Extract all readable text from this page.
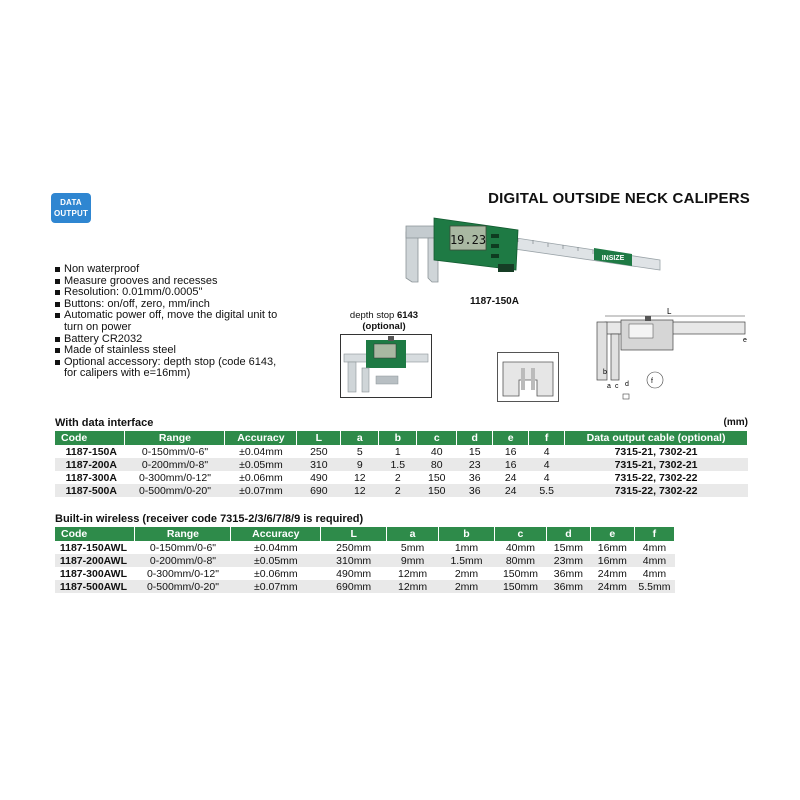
DATA
OUTPUT
DIGITAL OUTSIDE NECK CALIPERS
19.23
INSIZE
Non waterproof
Measure grooves and recesses
Resolution: 0.01mm/0.0005"
Buttons: on/off, zero, mm/inch
Automatic power off, move the digital unit to turn on power
Battery CR2032
Made of stainless steel
Optional accessory: depth stop (code 6143, for calipers with e=16mm)
1187-150A
depth stop 6143
(optional)
L
e
b
a c d	f
With data interface	(mm)
Code	Range	Accuracy	L	a	b	c	d	e	f	Data output cable (optional)
1187-150A	0-150mm/0-6"	±0.04mm	250	5	1	40	15	16	4	7315-21, 7302-21
1187-200A	0-200mm/0-8"	±0.05mm	310	9	1.5	80	23	16	4	7315-21, 7302-21
1187-300A	0-300mm/0-12"	±0.06mm	490	12	2	150	36	24	4	7315-22, 7302-22
1187-500A	0-500mm/0-20"	±0.07mm	690	12	2	150	36	24	5.5	7315-22, 7302-22
Built-in wireless (receiver code 7315-2/3/6/7/8/9 is required)
Code	Range	Accuracy	L	a	b	c	d	e	f
1187-150AWL	0-150mm/0-6"	±0.04mm	250mm	5mm	1mm	40mm	15mm	16mm	4mm
1187-200AWL	0-200mm/0-8"	±0.05mm	310mm	9mm	1.5mm	80mm	23mm	16mm	4mm
1187-300AWL	0-300mm/0-12"	±0.06mm	490mm	12mm	2mm	150mm	36mm	24mm	4mm
1187-500AWL	0-500mm/0-20"	±0.07mm	690mm	12mm	2mm	150mm	36mm	24mm	5.5mm
